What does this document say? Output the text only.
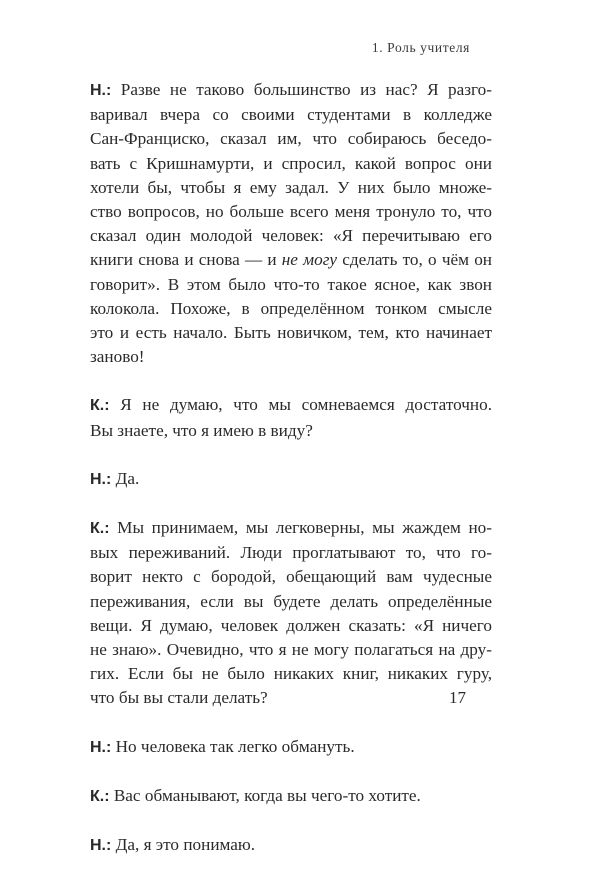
1. Роль учителя

Н.: Разве не таково большинство из нас? Я разго-
варивал вчера со своими студентами в колледже
Сан-Франциско, сказал им, что собираюсь беседо-
вать с Кришнамурти, и спросил, какой вопрос они
хотели бы, чтобы я ему задал. У них было множе-
ство вопросов, но больше всего меня тронуло то, что
сказал один молодой человек: «Я перечитываю его
книги снова и снова — и не могу сделать то, о чём он
говорит». В этом было что-то такое ясное, как звон
колокола. Похоже, в определённом тонком смысле
это и есть начало. Быть новичком, тем, кто начинает
заново!

К.: Я не думаю, что мы сомневаемся достаточно.
Вы знаете, что я имею в виду?

Н.: Да.

К.: Мы принимаем, мы легковерны, мы жаждем но-
вых переживаний. Люди проглатывают то, что го-
ворит некто с бородой, обещающий вам чудесные
переживания, если вы будете делать определённые
вещи. Я думаю, человек должен сказать: «Я ничего
не знаю». Очевидно, что я не могу полагаться на дру-
гих. Если бы не было никаких книг, никаких гуру,
что бы вы стали делать?

Н.: Но человека так легко обмануть.

К.: Вас обманывают, когда вы чего-то хотите.

Н.: Да, я это понимаю.

17
